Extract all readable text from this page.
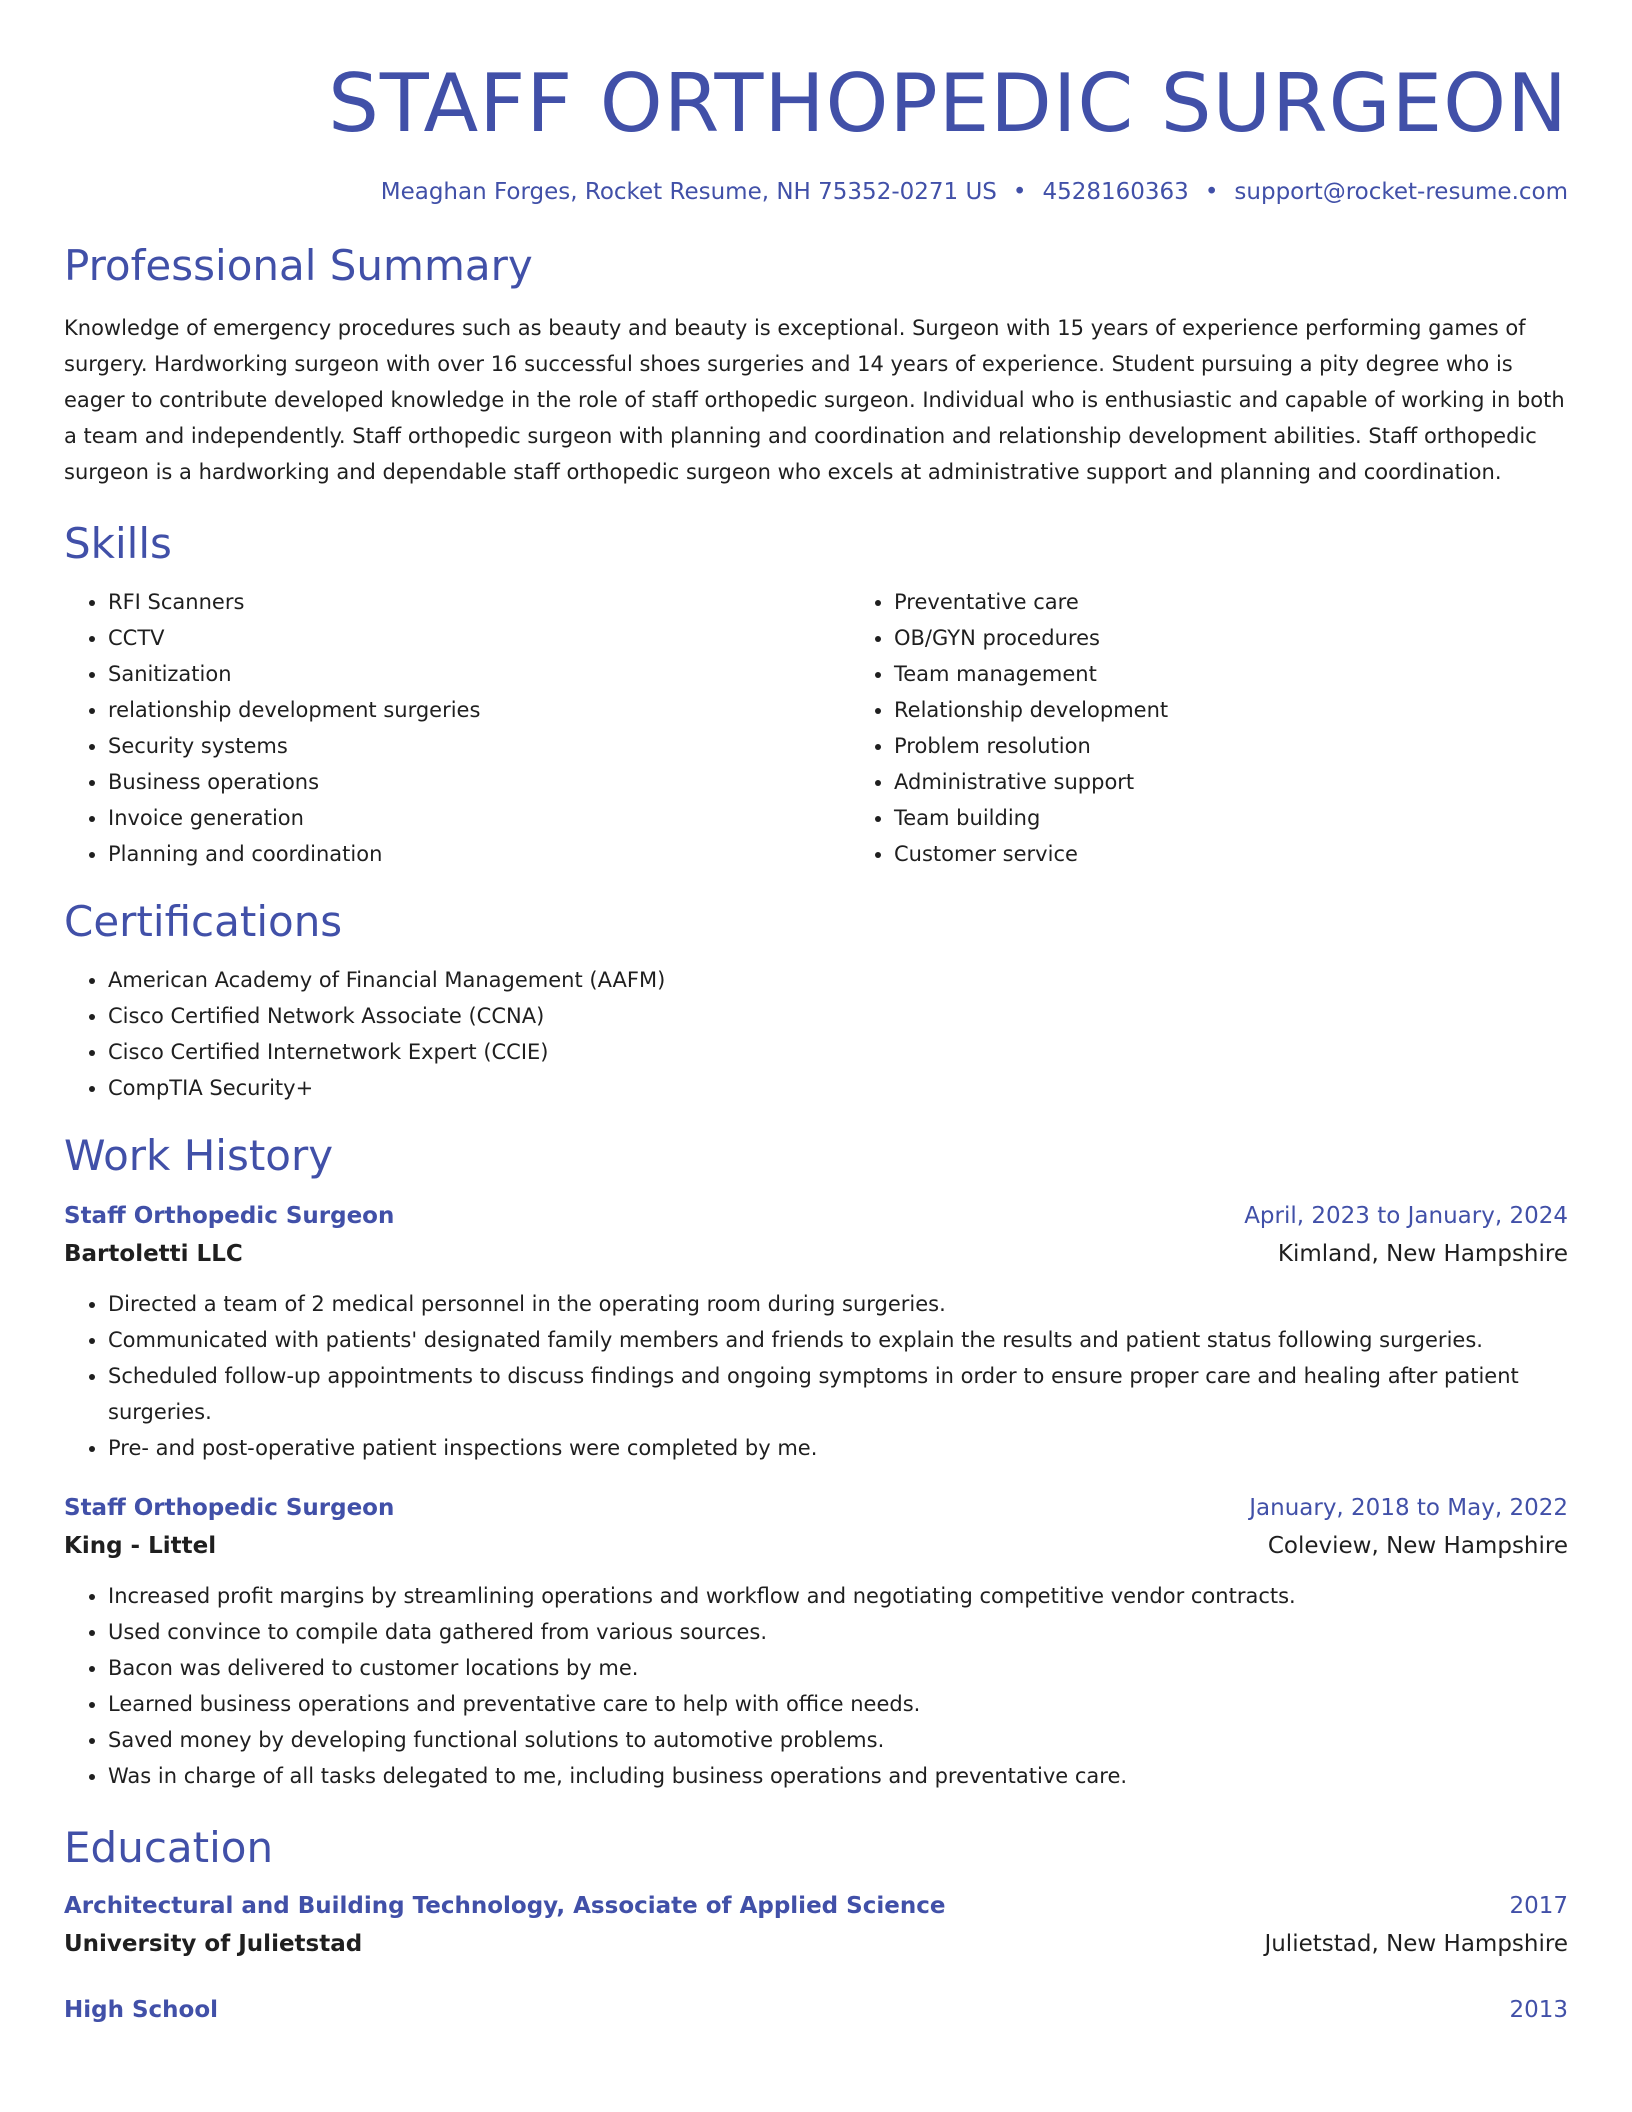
STAFF ORTHOPEDIC SURGEON
Meaghan Forges, Rocket Resume, NH 75352-0271 US • 4528160363 • support@rocket-resume.com
Professional Summary

Knowledge of emergency procedures such as beauty and beauty is exceptional. Surgeon with 15 years of experience performing games of surgery. Hardworking surgeon with over 16 successful shoes surgeries and 14 years of experience. Student pursuing a pity degree who is eager to contribute developed knowledge in the role of staff orthopedic surgeon. Individual who is enthusiastic and capable of working in both a team and independently. Staff orthopedic surgeon with planning and coordination and relationship development abilities. Staff orthopedic surgeon is a hardworking and dependable staff orthopedic surgeon who excels at administrative support and planning and coordination.

Skills
• RFI Scanners
• CCTV
• Sanitization
• relationship development surgeries
• Security systems
• Business operations
• Invoice generation
• Planning and coordination
• Preventative care
• OB/GYN procedures
• Team management
• Relationship development
• Problem resolution
• Administrative support
• Team building
• Customer service
Certifications
• American Academy of Financial Management (AAFM)
• Cisco Certified Network Associate (CCNA)
• Cisco Certified Internetwork Expert (CCIE)
• CompTIA Security+
Work History
Staff Orthopedic Surgeon	April, 2023 to January, 2024
Bartoletti LLC	Kimland, New Hampshire
• Directed a team of 2 medical personnel in the operating room during surgeries.
• Communicated with patients' designated family members and friends to explain the results and patient status following surgeries.
• Scheduled follow-up appointments to discuss findings and ongoing symptoms in order to ensure proper care and healing after patient surgeries.
• Pre- and post-operative patient inspections were completed by me.
Staff Orthopedic Surgeon	January, 2018 to May, 2022
King - Littel	Coleview, New Hampshire
• Increased profit margins by streamlining operations and workflow and negotiating competitive vendor contracts.
• Used convince to compile data gathered from various sources.
• Bacon was delivered to customer locations by me.
• Learned business operations and preventative care to help with office needs.
• Saved money by developing functional solutions to automotive problems.
• Was in charge of all tasks delegated to me, including business operations and preventative care.
Education
Architectural and Building Technology, Associate of Applied Science	2017
University of Julietstad	Julietstad, New Hampshire
High School	2013
